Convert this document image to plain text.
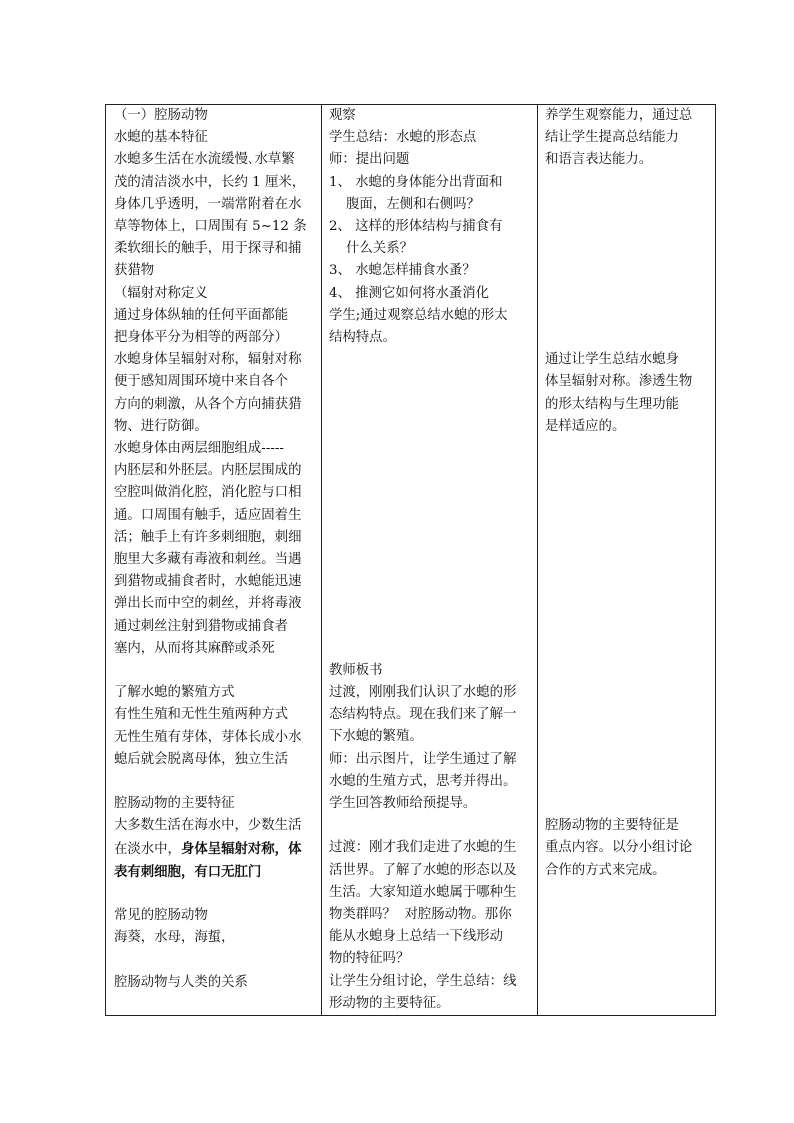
（一）腔肠动物
水螅的基本特征
水螅多生活在水流缓慢､水草繁
茂的清洁淡水中，长约 1 厘米，
身体几乎透明，一端常附着在水
草等物体上，口周围有 5~12 条
柔软细长的触手，用于探寻和捕
获猎物
（辐射对称定义
通过身体纵轴的任何平面都能
把身体平分为相等的两部分）
水螅身体呈辐射对称，辐射对称
便于感知周围环境中来自各个
方向的刺激，从各个方向捕获猎
物、进行防御。
水螅身体由两层细胞组成-----
内胚层和外胚层。内胚层围成的
空腔叫做消化腔，消化腔与口相
通。口周围有触手，适应固着生
活；触手上有许多刺细胞，刺细
胞里大多藏有毒液和刺丝。当遇
到猎物或捕食者时，水螅能迅速
弹出长而中空的刺丝，并将毒液
通过刺丝注射到猎物或捕食者
塞内，从而将其麻醉或杀死
了解水螅的繁殖方式
有性生殖和无性生殖两种方式
无性生殖有芽体，芽体长成小水
螅后就会脱离母体，独立生活
腔肠动物的主要特征
大多数生活在海水中，少数生活
在淡水中，身体呈辐射对称，体
表有刺细胞，有口无肛门
常见的腔肠动物
海葵，水母，海蜇，
腔肠动物与人类的关系
观察
学生总结：水螅的形态点
师：提出问题
1、 水螅的身体能分出背面和
腹面，左侧和右侧吗？
2、 这样的形体结构与捕食有
什么关系？
3、 水螅怎样捕食水蚤？
4、 推测它如何将水蚤消化
学生;通过观察总结水螅的形太
结构特点。
教师板书
过渡，刚刚我们认识了水螅的形
态结构特点。现在我们来了解一
下水螅的繁殖。
师：出示图片，让学生通过了解
水螅的生殖方式，思考并得出。
学生回答教师给预提导。
过渡：刚才我们走进了水螅的生
活世界。了解了水螅的形态以及
生活。大家知道水螅属于哪种生
物类群吗？  对腔肠动物。那你
能从水螅身上总结一下线形动
物的特征吗？
让学生分组讨论，学生总结：线
形动物的主要特征。
养学生观察能力，通过总
结让学生提高总结能力
和语言表达能力。
通过让学生总结水螅身
体呈辐射对称。渗透生物
的形太结构与生理功能
是样适应的。
腔肠动物的主要特征是
重点内容。以分小组讨论
合作的方式来完成。
